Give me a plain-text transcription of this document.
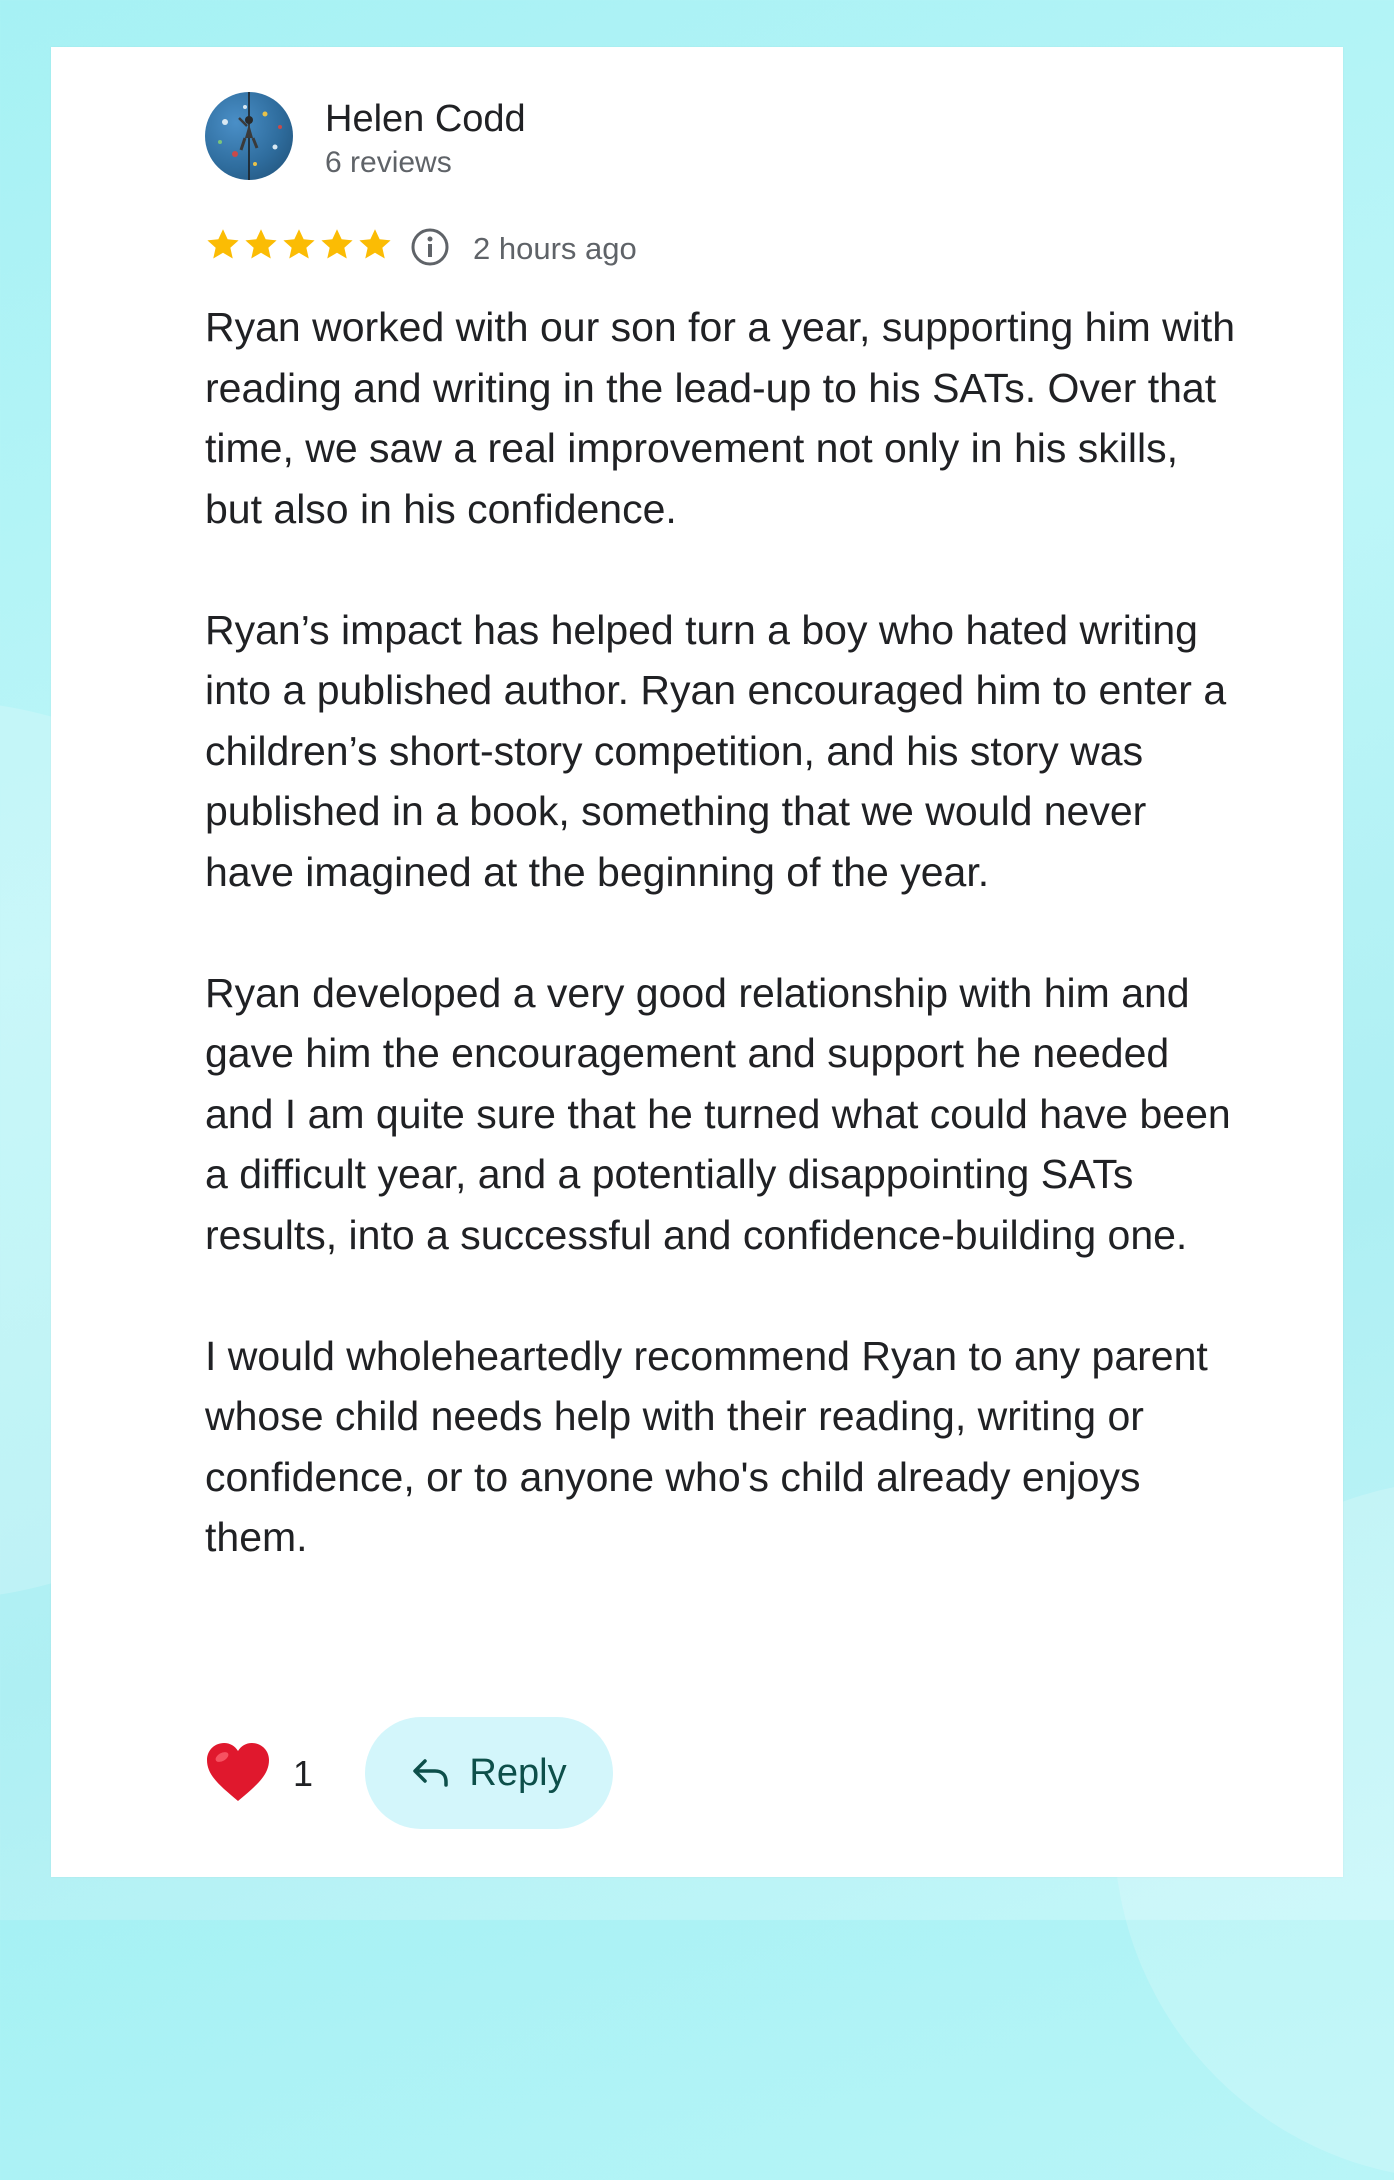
Helen Codd
6 reviews
2 hours ago

Ryan worked with our son for a year, supporting him with reading and writing in the lead-up to his SATs. Over that time, we saw a real improvement not only in his skills, but also in his confidence.

Ryan’s impact has helped turn a boy who hated writing into a published author. Ryan encouraged him to enter a children’s short-story competition, and his story was published in a book, something that we would never have imagined at the beginning of the year.

Ryan developed a very good relationship with him and gave him the encouragement and support he needed and I am quite sure that he turned what could have been a difficult year, and a potentially disappointing SATs results, into a successful and confidence-building one.

I would wholeheartedly recommend Ryan to any parent whose child needs help with their reading, writing or confidence, or to anyone who's child already enjoys them.

1	Reply
